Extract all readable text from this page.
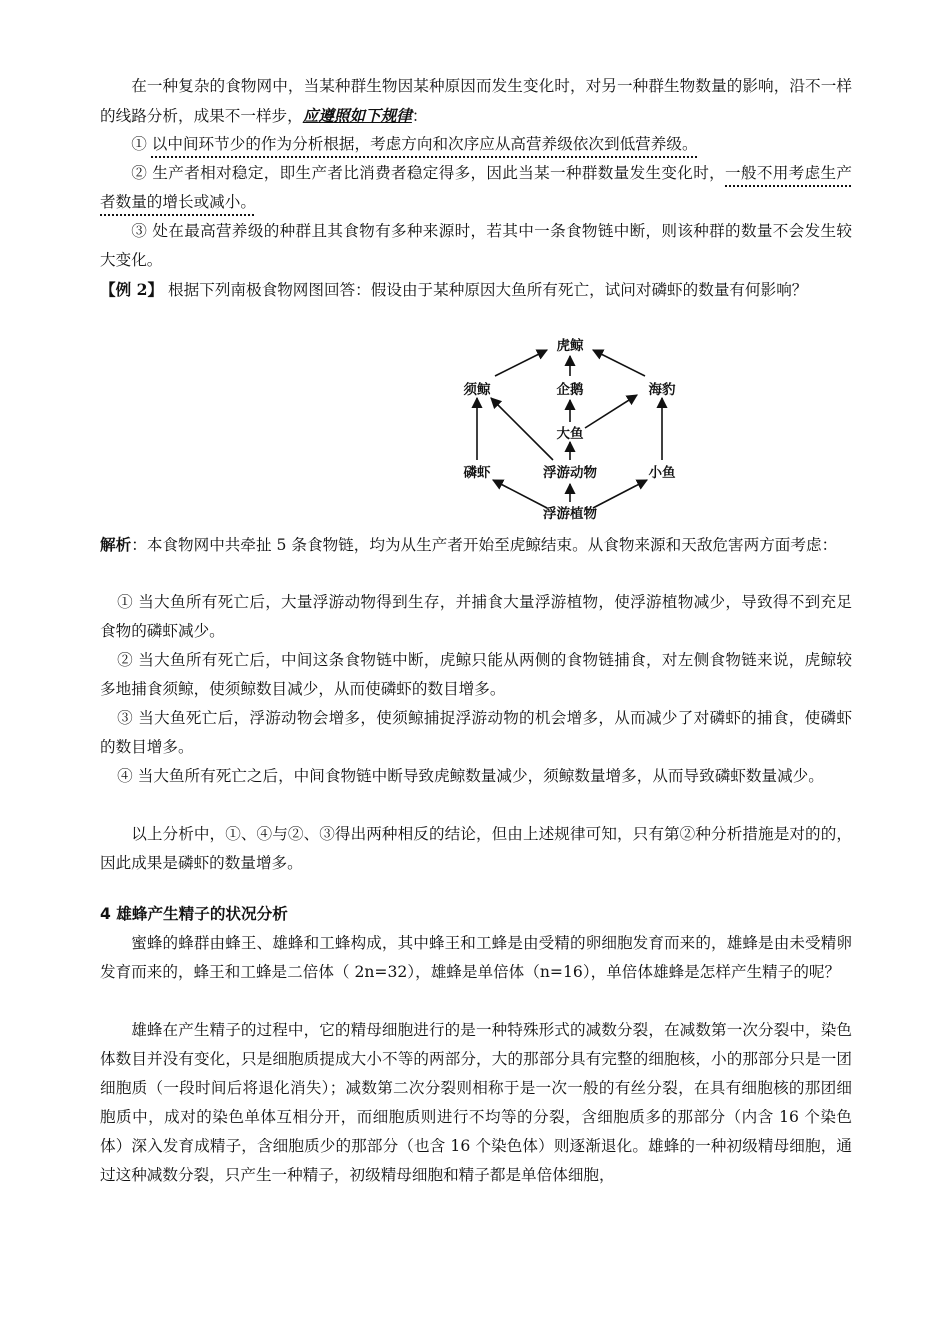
在一种复杂的食物网中，当某种群生物因某种原因而发生变化时，对另一种群生物数量的影响，沿不一样的线路分析，成果不一样步，应遵照如下规律：

① 以中间环节少的作为分析根据，考虑方向和次序应从高营养级依次到低营养级。

② 生产者相对稳定，即生产者比消费者稳定得多，因此当某一种群数量发生变化时，一般不用考虑生产者数量的增长或减小。

③ 处在最高营养级的种群且其食物有多种来源时，若其中一条食物链中断，则该种群的数量不会发生较大变化。

【例 2】 根据下列南极食物网图回答：假设由于某种原因大鱼所有死亡，试问对磷虾的数量有何影响？

虎鲸
须鲸	企鹅	海豹
大鱼
磷虾	浮游动物	小鱼
浮游植物

解析：本食物网中共牵扯 5 条食物链，均为从生产者开始至虎鲸结束。从食物来源和天敌危害两方面考虑：

① 当大鱼所有死亡后，大量浮游动物得到生存，并捕食大量浮游植物，使浮游植物减少，导致得不到充足食物的磷虾减少。

② 当大鱼所有死亡后，中间这条食物链中断，虎鲸只能从两侧的食物链捕食，对左侧食物链来说，虎鲸较多地捕食须鲸，使须鲸数目减少，从而使磷虾的数目增多。

③ 当大鱼死亡后，浮游动物会增多，使须鲸捕捉浮游动物的机会增多，从而减少了对磷虾的捕食，使磷虾的数目增多。

④ 当大鱼所有死亡之后，中间食物链中断导致虎鲸数量减少，须鲸数量增多，从而导致磷虾数量减少。

以上分析中，①、④与②、③得出两种相反的结论，但由上述规律可知，只有第②种分析措施是对的的，因此成果是磷虾的数量增多。

4 雄蜂产生精子的状况分析

蜜蜂的蜂群由蜂王、雄蜂和工蜂构成，其中蜂王和工蜂是由受精的卵细胞发育而来的，雄蜂是由未受精卵发育而来的，蜂王和工蜂是二倍体（ 2n=32），雄蜂是单倍体（n=16），单倍体雄蜂是怎样产生精子的呢？

雄蜂在产生精子的过程中，它的精母细胞进行的是一种特殊形式的减数分裂，在减数第一次分裂中，染色体数目并没有变化，只是细胞质提成大小不等的两部分，大的那部分具有完整的细胞核，小的那部分只是一团细胞质（一段时间后将退化消失）；减数第二次分裂则相称于是一次一般的有丝分裂，在具有细胞核的那团细胞质中，成对的染色单体互相分开，而细胞质则进行不均等的分裂，含细胞质多的那部分（内含 16 个染色体）深入发育成精子，含细胞质少的那部分（也含 16 个染色体）则逐渐退化。雄蜂的一种初级精母细胞，通过这种减数分裂，只产生一种精子，初级精母细胞和精子都是单倍体细胞，
